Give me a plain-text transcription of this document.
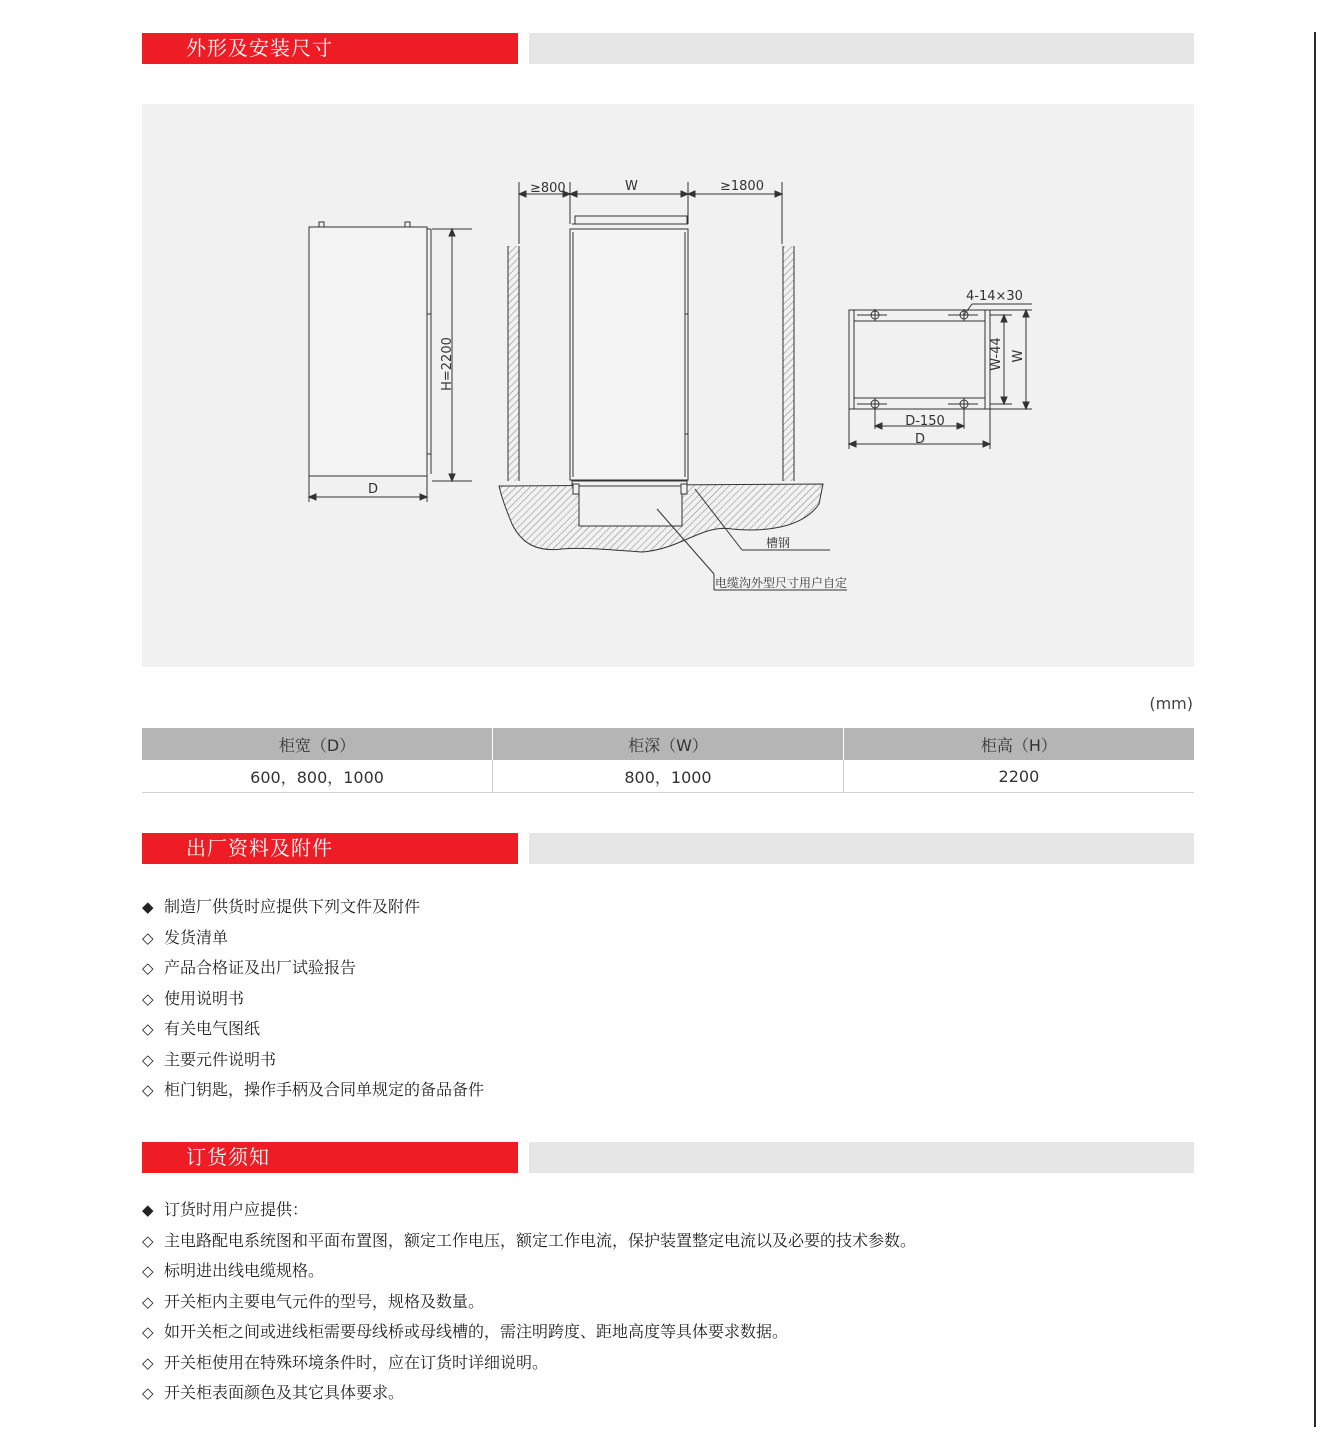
外形及安装尺寸
≥800	W	≥1800
H=2200
D
4-14×30
W-44 W
D-150
D
槽钢
电缆沟外型尺寸用户自定
(mm)
柜宽（D）	柜深（W）	柜高（H）
600，800，1000	800，1000	2200
出厂资料及附件
◆ 制造厂供货时应提供下列文件及附件
◇ 发货清单
◇ 产品合格证及出厂试验报告
◇ 使用说明书
◇ 有关电气图纸
◇ 主要元件说明书
◇ 柜门钥匙，操作手柄及合同单规定的备品备件
订货须知
◆ 订货时用户应提供：
◇ 主电路配电系统图和平面布置图，额定工作电压，额定工作电流，保护装置整定电流以及必要的技术参数。
◇ 标明进出线电缆规格。
◇ 开关柜内主要电气元件的型号，规格及数量。
◇ 如开关柜之间或进线柜需要母线桥或母线槽的，需注明跨度、距地高度等具体要求数据。
◇ 开关柜使用在特殊环境条件时，应在订货时详细说明。
◇ 开关柜表面颜色及其它具体要求。
